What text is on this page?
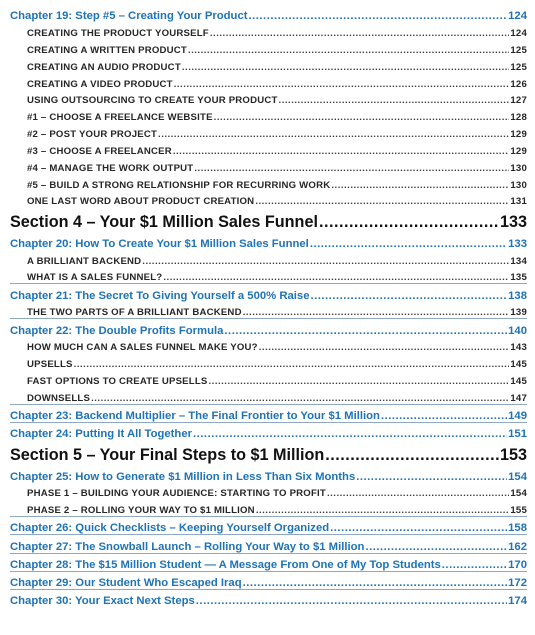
Chapter 19: Step #5 – Creating Your Product .....	124
CREATING THE PRODUCT YOURSELF .....	124
CREATING A WRITTEN PRODUCT .....	125
CREATING AN AUDIO PRODUCT .....	125
CREATING A VIDEO PRODUCT .....	126
USING OUTSOURCING TO CREATE YOUR PRODUCT .....	127
#1 – CHOOSE A FREELANCE WEBSITE .....	128
#2 – POST YOUR PROJECT .....	129
#3 – CHOOSE A FREELANCER .....	129
#4 – MANAGE THE WORK OUTPUT .....	130
#5 – BUILD A STRONG RELATIONSHIP FOR RECURRING WORK .....	130
ONE LAST WORD ABOUT PRODUCT CREATION .....	131
Section 4 – Your $1 Million Sales Funnel .....	133
Chapter 20: How To Create Your $1 Million Sales Funnel .....	133
A BRILLIANT BACKEND .....	134
WHAT IS A SALES FUNNEL? .....	135
Chapter 21: The Secret To Giving Yourself a 500% Raise .....	138
THE TWO PARTS OF A BRILLIANT BACKEND .....	139
Chapter 22: The Double Profits Formula .....	140
HOW MUCH CAN A SALES FUNNEL MAKE YOU? .....	143
UPSELLS .....	145
FAST OPTIONS TO CREATE UPSELLS .....	145
DOWNSELLS .....	147
Chapter 23: Backend Multiplier – The Final Frontier to Your $1 Million .....	149
Chapter 24: Putting It All Together .....	151
Section 5 – Your Final Steps to $1 Million .....	153
Chapter 25: How to Generate $1 Million in Less Than Six Months .....	154
PHASE 1 – BUILDING YOUR AUDIENCE: STARTING TO PROFIT .....	154
PHASE 2 – ROLLING YOUR WAY TO $1 MILLION .....	155
Chapter 26: Quick Checklists – Keeping Yourself Organized .....	158
Chapter 27: The Snowball Launch – Rolling Your Way to $1 Million .....	162
Chapter 28: The $15 Million Student — A Message From One of My Top Students .....	170
Chapter 29: Our Student Who Escaped Iraq .....	172
Chapter 30: Your Exact Next Steps .....	174
